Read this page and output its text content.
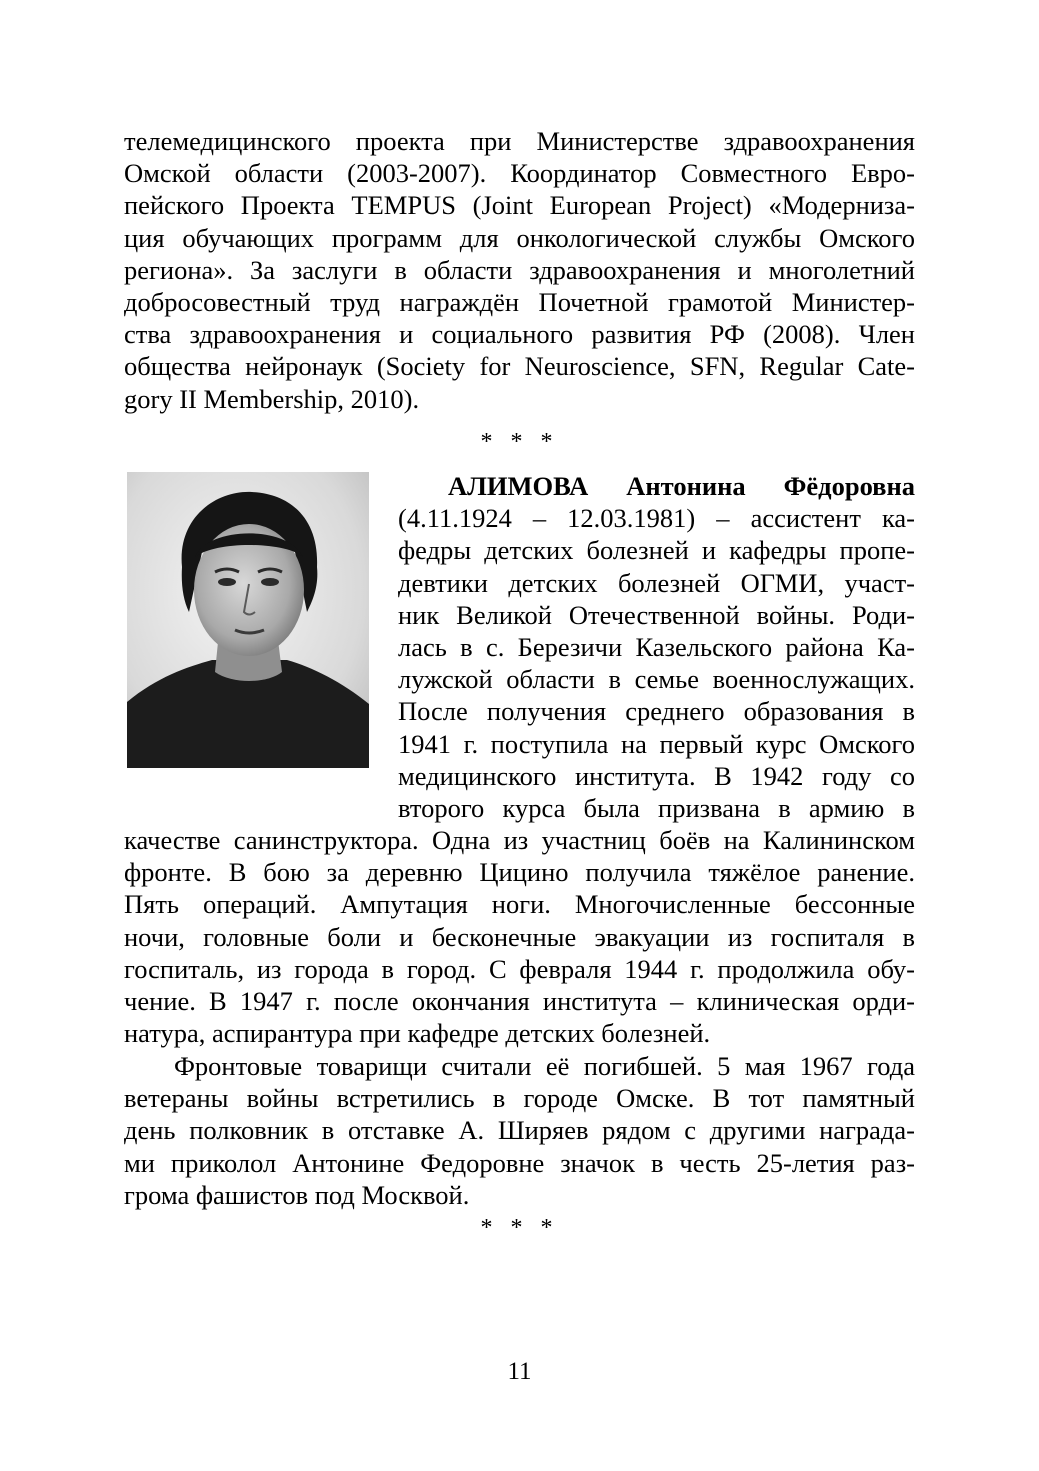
телемедицинского проекта при Министерстве здравоохранения
Омской области (2003-2007). Координатор Совместного Евро-
пейского Проекта TEMPUS (Joint European Project) «Модерниза-
ция обучающих программ для онкологической службы Омского
региона». За заслуги в области здравоохранения и многолетний
добросовестный труд награждён Почетной грамотой Министер-
ства здравоохранения и социального развития РФ (2008). Член
общества нейронаук (Society for Neuroscience, SFN, Regular Cate-
gory II Membership, 2010).

* * *

АЛИМОВА Антонина Фёдоровна
(4.11.1924 – 12.03.1981) – ассистент ка-
федры детских болезней и кафедры пропе-
девтики детских болезней ОГМИ, участ-
ник Великой Отечественной войны. Роди-
лась в с. Березичи Казельского района Ка-
лужской области в семье военнослужащих.
После получения среднего образования в
1941 г. поступила на первый курс Омского
медицинского института. В 1942 году со
второго курса была призвана в армию в

качестве санинструктора. Одна из участниц боёв на Калининском
фронте. В бою за деревню Цицино получила тяжёлое ранение.
Пять операций. Ампутация ноги. Многочисленные бессонные
ночи, головные боли и бесконечные эвакуации из госпиталя в
госпиталь, из города в город. С февраля 1944 г. продолжила обу-
чение. В 1947 г. после окончания института – клиническая орди-
натура, аспирантура при кафедре детских болезней.

Фронтовые товарищи считали её погибшей. 5 мая 1967 года
ветераны войны встретились в городе Омске. В тот памятный
день полковник в отставке А. Ширяев рядом с другими награда-
ми приколол Антонине Федоровне значок в честь 25-летия раз-
грома фашистов под Москвой.

* * *
11
